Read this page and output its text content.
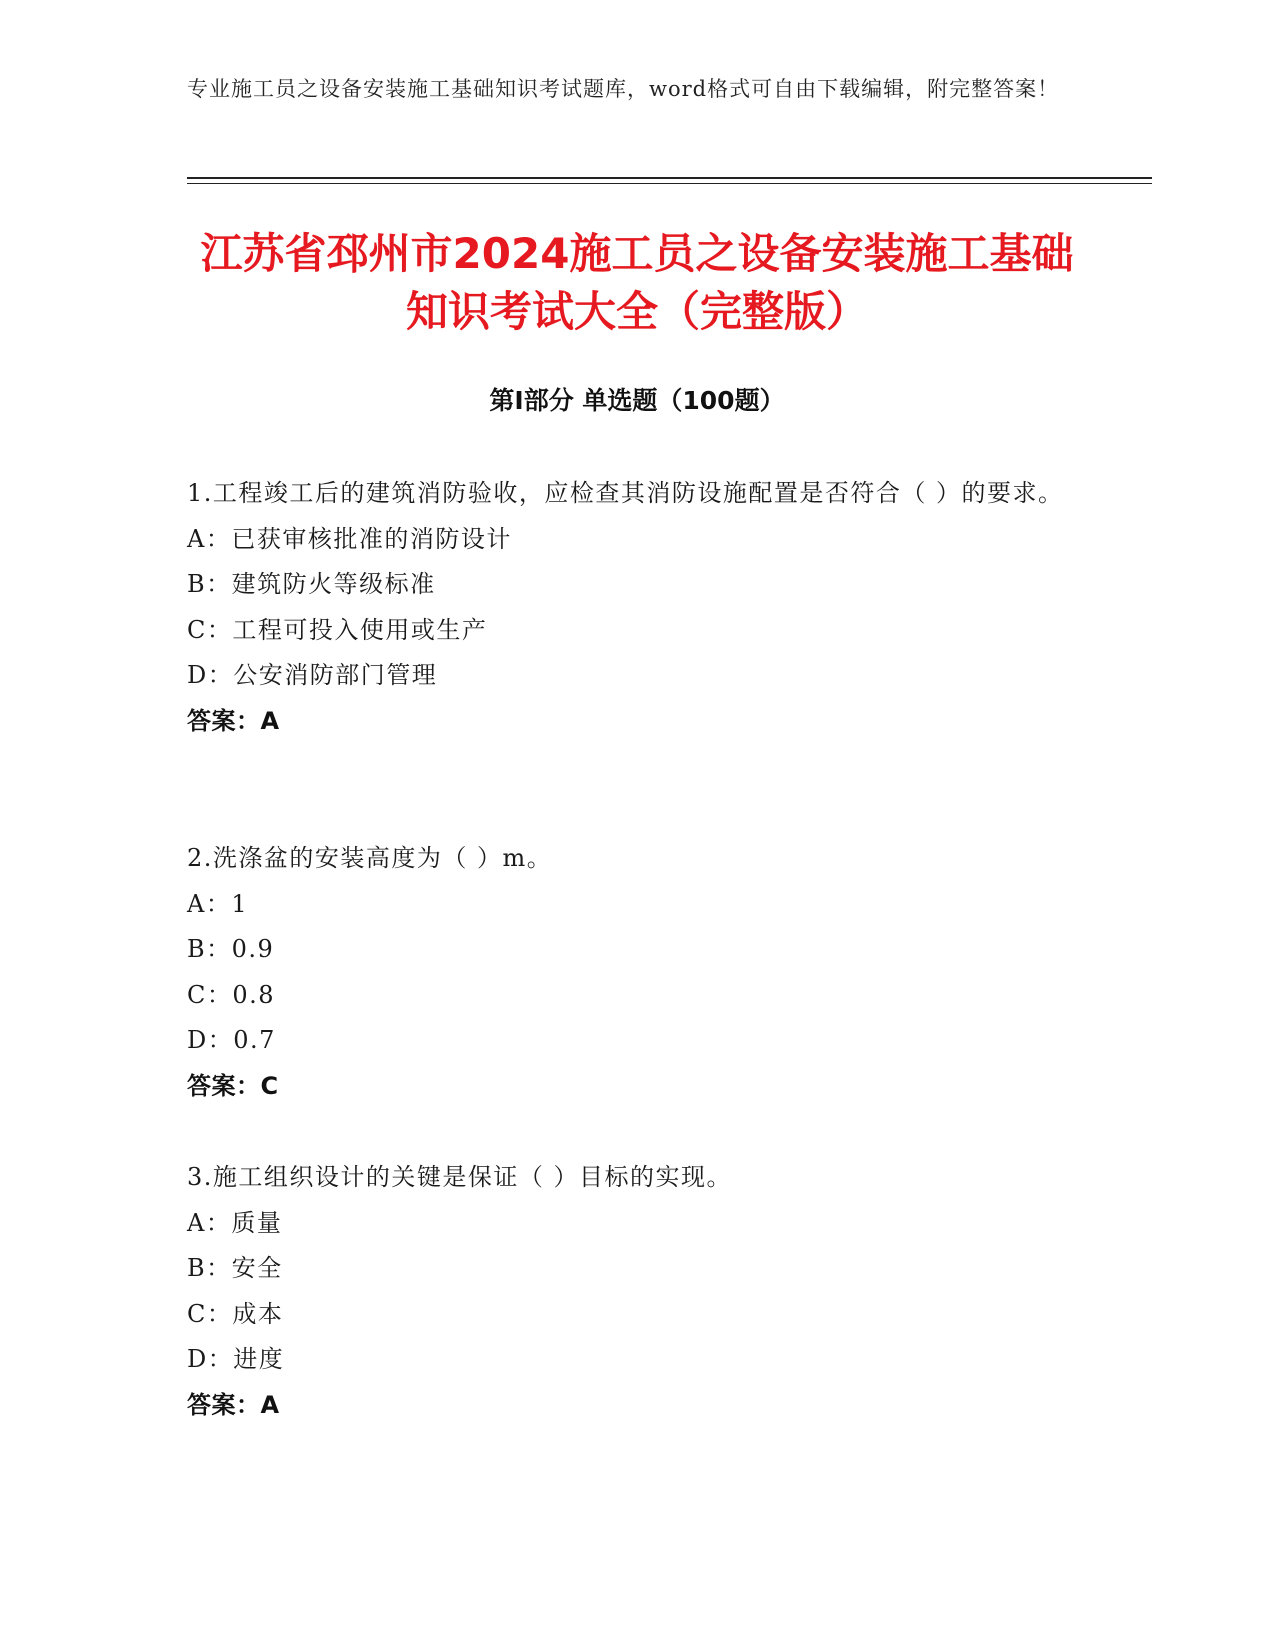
专业施工员之设备安装施工基础知识考试题库，word格式可自由下载编辑，附完整答案！
江苏省邳州市2024施工员之设备安装施工基础知识考试大全（完整版）
第I部分 单选题（100题）
1.工程竣工后的建筑消防验收，应检查其消防设施配置是否符合（ ）的要求。
A：已获审核批准的消防设计
B：建筑防火等级标准
C：工程可投入使用或生产
D：公安消防部门管理
答案：A
2.洗涤盆的安装高度为（ ）m。
A：1
B：0.9
C：0.8
D：0.7
答案：C
3.施工组织设计的关键是保证（ ）目标的实现。
A：质量
B：安全
C：成本
D：进度
答案：A
